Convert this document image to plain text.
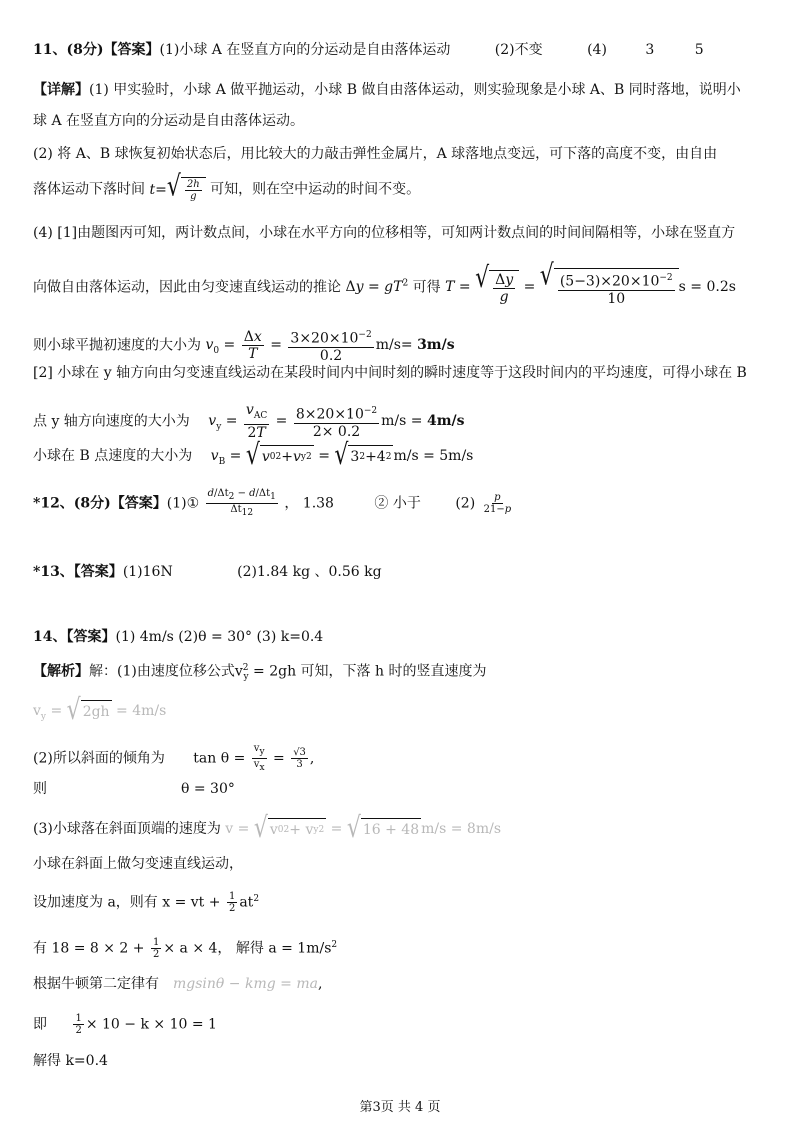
11、(8分)【答案】(1)小球 A 在竖直方向的分运动是自由落体运动	(2)不变	(4)	3	5
【详解】(1) 甲实验时，小球 A 做平抛运动，小球 B 做自由落体运动，则实验现象是小球 A、B 同时落地，说明小
球 A 在竖直方向的分运动是自由落体运动。
(2) 将 A、B 球恢复初始状态后，用比较大的力敲击弹性金属片，A 球落地点变远，可下落的高度不变，由自由
落体运动下落时间 t= √ $\frac{2h}{g}$ 可知，则在空中运动的时间不变。
(4) [1]由题图丙可知，两计数点间，小球在水平方向的位移相等，可知两计数点间的时间间隔相等，小球在竖直方
向做自由落体运动，因此由匀变速直线运动的推论 $\Delta y = gT^2$ 可得 T = √ $\frac{\Delta y}{g}$ = √ $\frac{(5-3)\times 20\times 10^{-2}}{10}$ s = 0.2s
则小球平抛初速度的大小为 $v_0 = \frac{\Delta x}{T} = \frac{3\times 20\times 10^{-2}}{0.2} m/s= 3m/s$
[2] 小球在 y 轴方向由匀变速直线运动在某段时间内中间时刻的瞬时速度等于这段时间内的平均速度，可得小球在 B
点 y 轴方向速度的大小为 $v_y = \frac{v_{AC}}{2T} = \frac{8\times 20\times 10^{-2}}{2\times 0.2} m/s = 4m/s$
小球在 B 点速度的大小为 $v_B$ = √ v 0 2 + v y 2 = √ 3 2 +4 2 m/s = 5m/s
*12、(8分)【答案】(1)① $\frac{d/\Delta t_2 - d/\Delta t_1}{\Delta t_{12}}$ ， 1.38	② 小于 $(2) \frac{p}{21-p}$
*13、【答案】(1)16N	(2)1.84 kg 、0.56 kg
14、【答案】(1) 4m/s (2)θ = 30° (3) k=0.4
【解析】解：(1)由速度位移公式$v^2_y = 2gh$ 可知，下落 h 时的竖直速度为
$v_y$ = √ 2gh = 4m/s
(2)所以斜面的倾角为 $\tan \theta = \frac{v_y}{v_x} = \frac{√3}{3}$ ,
则	θ = 30°
(3)小球落在斜面顶端的速度为 v = √ v 0 2 + v y 2 = √ 16 + 48 m/s = 8m/s
小球在斜面上做匀变速直线运动，
设加速度为 a，则有 x = vt + $\frac{1}{2} at^2$
有 $18 = 8 \times 2 + \frac{1}{2} \times a \times 4$， 解得 $a = 1m/s^2$
根据牛顿第二定律有 mgsinθ − kmg = ma,
即	$\frac{1}{2} \times 10 - k \times 10 = 1$
解得 k=0.4
第3页 共 4 页
